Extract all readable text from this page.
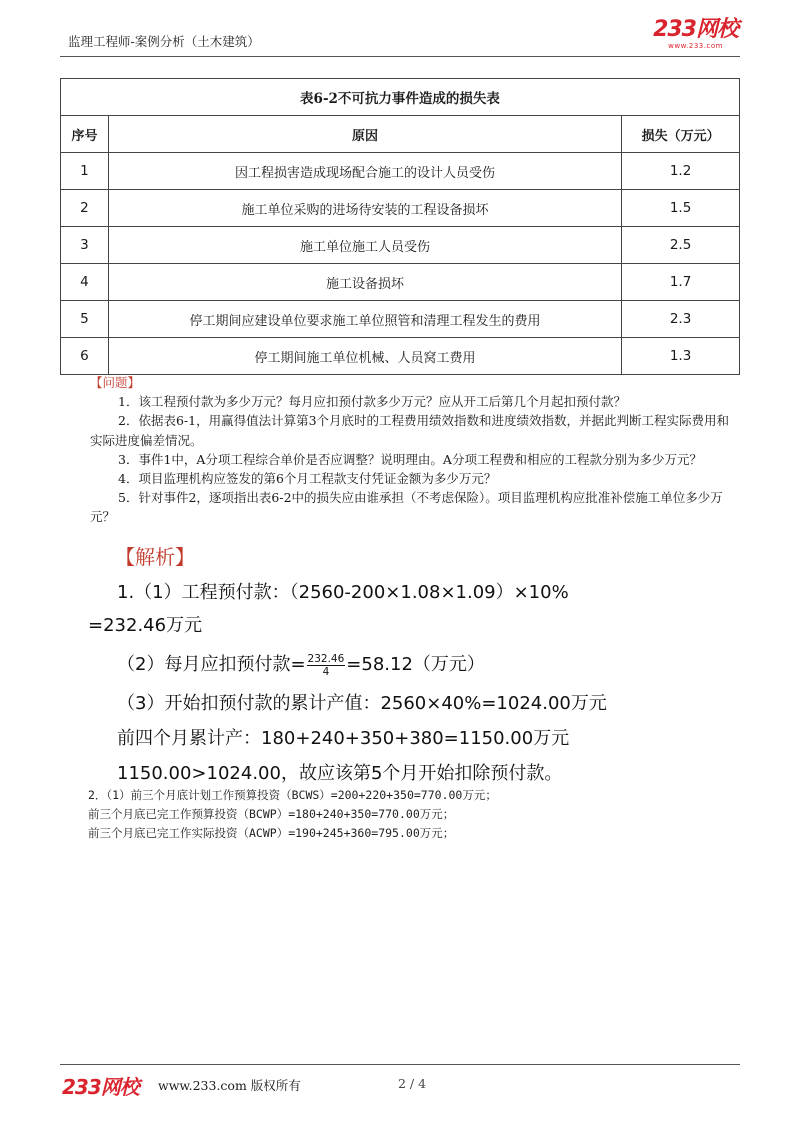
监理工程师-案例分析（土木建筑）	233网校
www.233.com
表6-2不可抗力事件造成的损失表		
序号	原因	损失（万元）
1	因工程损害造成现场配合施工的设计人员受伤	1.2
2	施工单位采购的进场待安装的工程设备损坏	1.5
3	施工单位施工人员受伤	2.5
4	施工设备损坏	1.7
5	停工期间应建设单位要求施工单位照管和清理工程发生的费用	2.3
6	停工期间施工单位机械、人员窝工费用	1.3
【问题】
1．该工程预付款为多少万元？每月应扣预付款多少万元？应从开工后第几个月起扣预付款？
2．依据表6-1，用赢得值法计算第3个月底时的工程费用绩效指数和进度绩效指数，并据此判断工程实际费用和实际进度偏差情况。
3．事件1中，A分项工程综合单价是否应调整？说明理由。A分项工程费和相应的工程款分别为多少万元？
4．项目监理机构应签发的第6个月工程款支付凭证金额为多少万元？
5．针对事件2，逐项指出表6-2中的损失应由谁承担（不考虑保险）。项目监理机构应批准补偿施工单位多少万元？
【解析】
1.（1）工程预付款：（2560-200×1.08×1.09）×10%
=232.46万元
（2）每月应扣预付款= $\frac{232.46}{4} =58.12$（万元）
（3）开始扣预付款的累计产值：2560×40%=1024.00万元
前四个月累计产：180+240+350+380=1150.00万元
1150.00>1024.00，故应该第5个月开始扣除预付款。
2．（1）前三个月底计划工作预算投资（BCWS）=200+220+350=770.00万元；
前三个月底已完工作预算投资（BCWP）=180+240+350=770.00万元；
前三个月底已完工作实际投资（ACWP）=190+245+360=795.00万元；
233网校 www.233.com 版权所有	2 / 4
